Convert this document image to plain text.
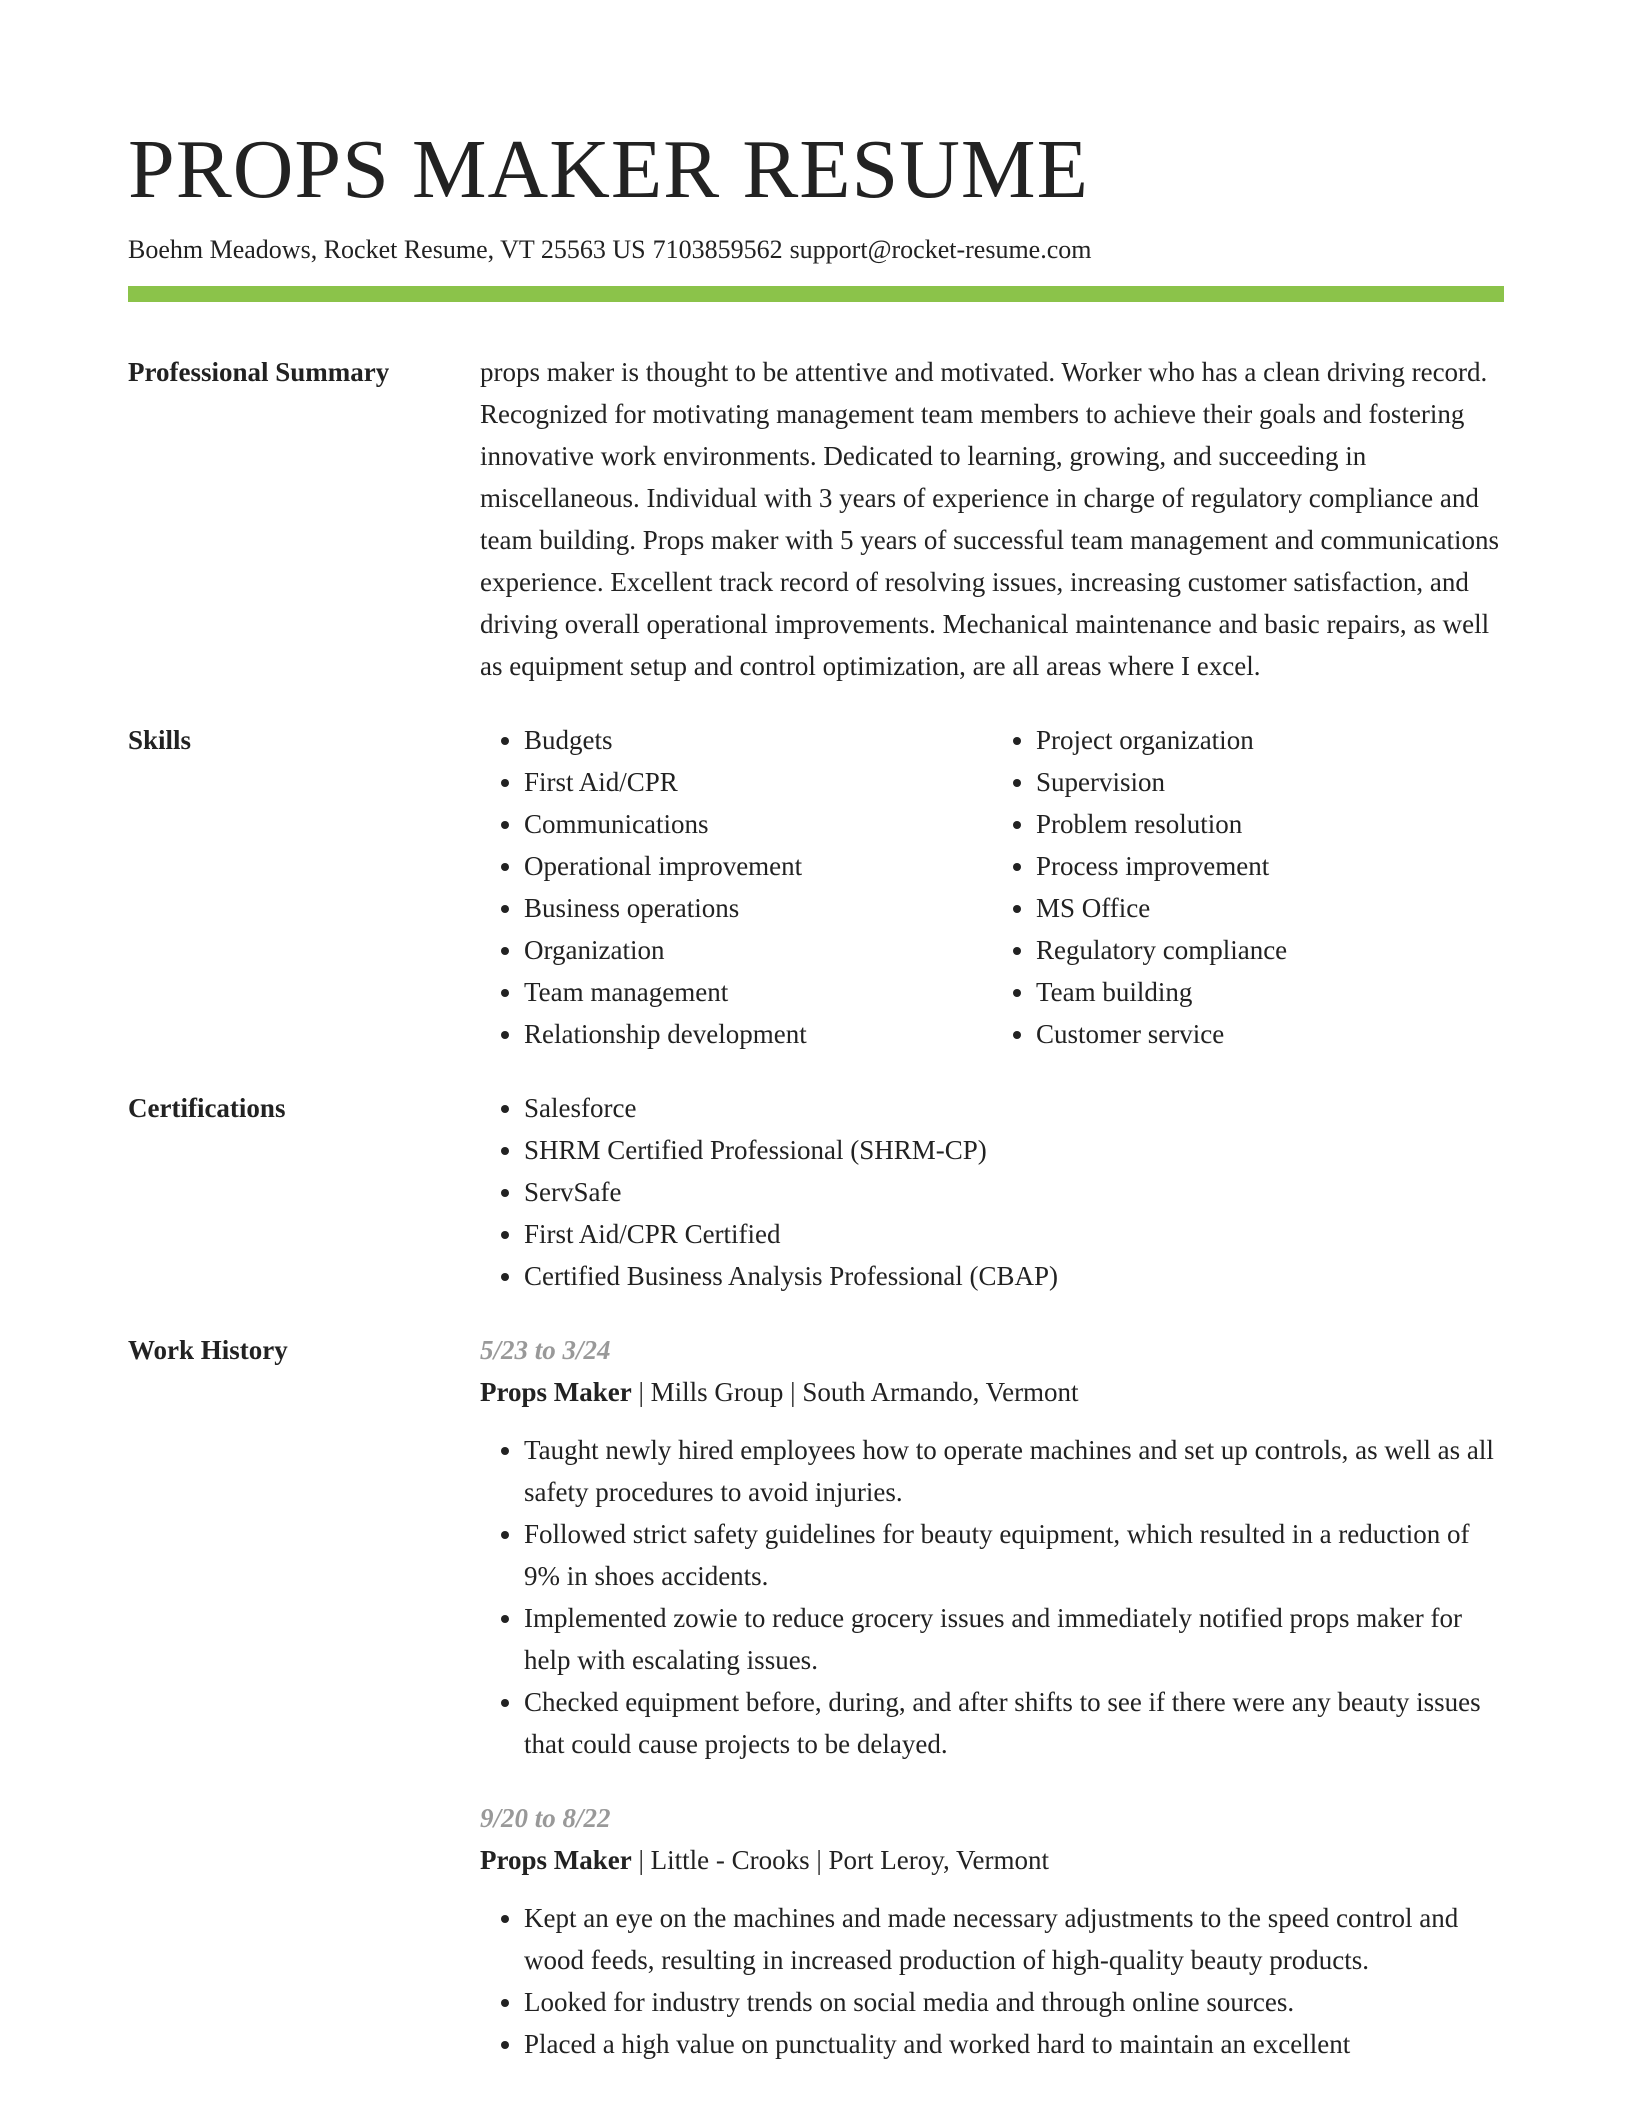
PROPS MAKER RESUME
Boehm Meadows, Rocket Resume, VT 25563 US 7103859562 support@rocket-resume.com
Professional Summary	props maker is thought to be attentive and motivated. Worker who has a clean driving record. Recognized for motivating management team members to achieve their goals and fostering innovative work environments. Dedicated to learning, growing, and succeeding in miscellaneous. Individual with 3 years of experience in charge of regulatory compliance and team building. Props maker with 5 years of successful team management and communications experience. Excellent track record of resolving issues, increasing customer satisfaction, and driving overall operational improvements. Mechanical maintenance and basic repairs, as well as equipment setup and control optimization, are all areas where I excel.
Skills	• Budgets
• First Aid/CPR
• Communications
• Operational improvement
• Business operations
• Organization
• Team management
• Relationship development
• Project organization
• Supervision
• Problem resolution
• Process improvement
• MS Office
• Regulatory compliance
• Team building
• Customer service
Certifications	• Salesforce
• SHRM Certified Professional (SHRM-CP)
• ServSafe
• First Aid/CPR Certified
• Certified Business Analysis Professional (CBAP)
Work History	5/23 to 3/24
Props Maker | Mills Group | South Armando, Vermont
• Taught newly hired employees how to operate machines and set up controls, as well as all safety procedures to avoid injuries.
• Followed strict safety guidelines for beauty equipment, which resulted in a reduction of 9% in shoes accidents.
• Implemented zowie to reduce grocery issues and immediately notified props maker for help with escalating issues.
• Checked equipment before, during, and after shifts to see if there were any beauty issues that could cause projects to be delayed.
9/20 to 8/22
Props Maker | Little - Crooks | Port Leroy, Vermont
• Kept an eye on the machines and made necessary adjustments to the speed control and wood feeds, resulting in increased production of high-quality beauty products.
• Looked for industry trends on social media and through online sources.
• Placed a high value on punctuality and worked hard to maintain an excellent
